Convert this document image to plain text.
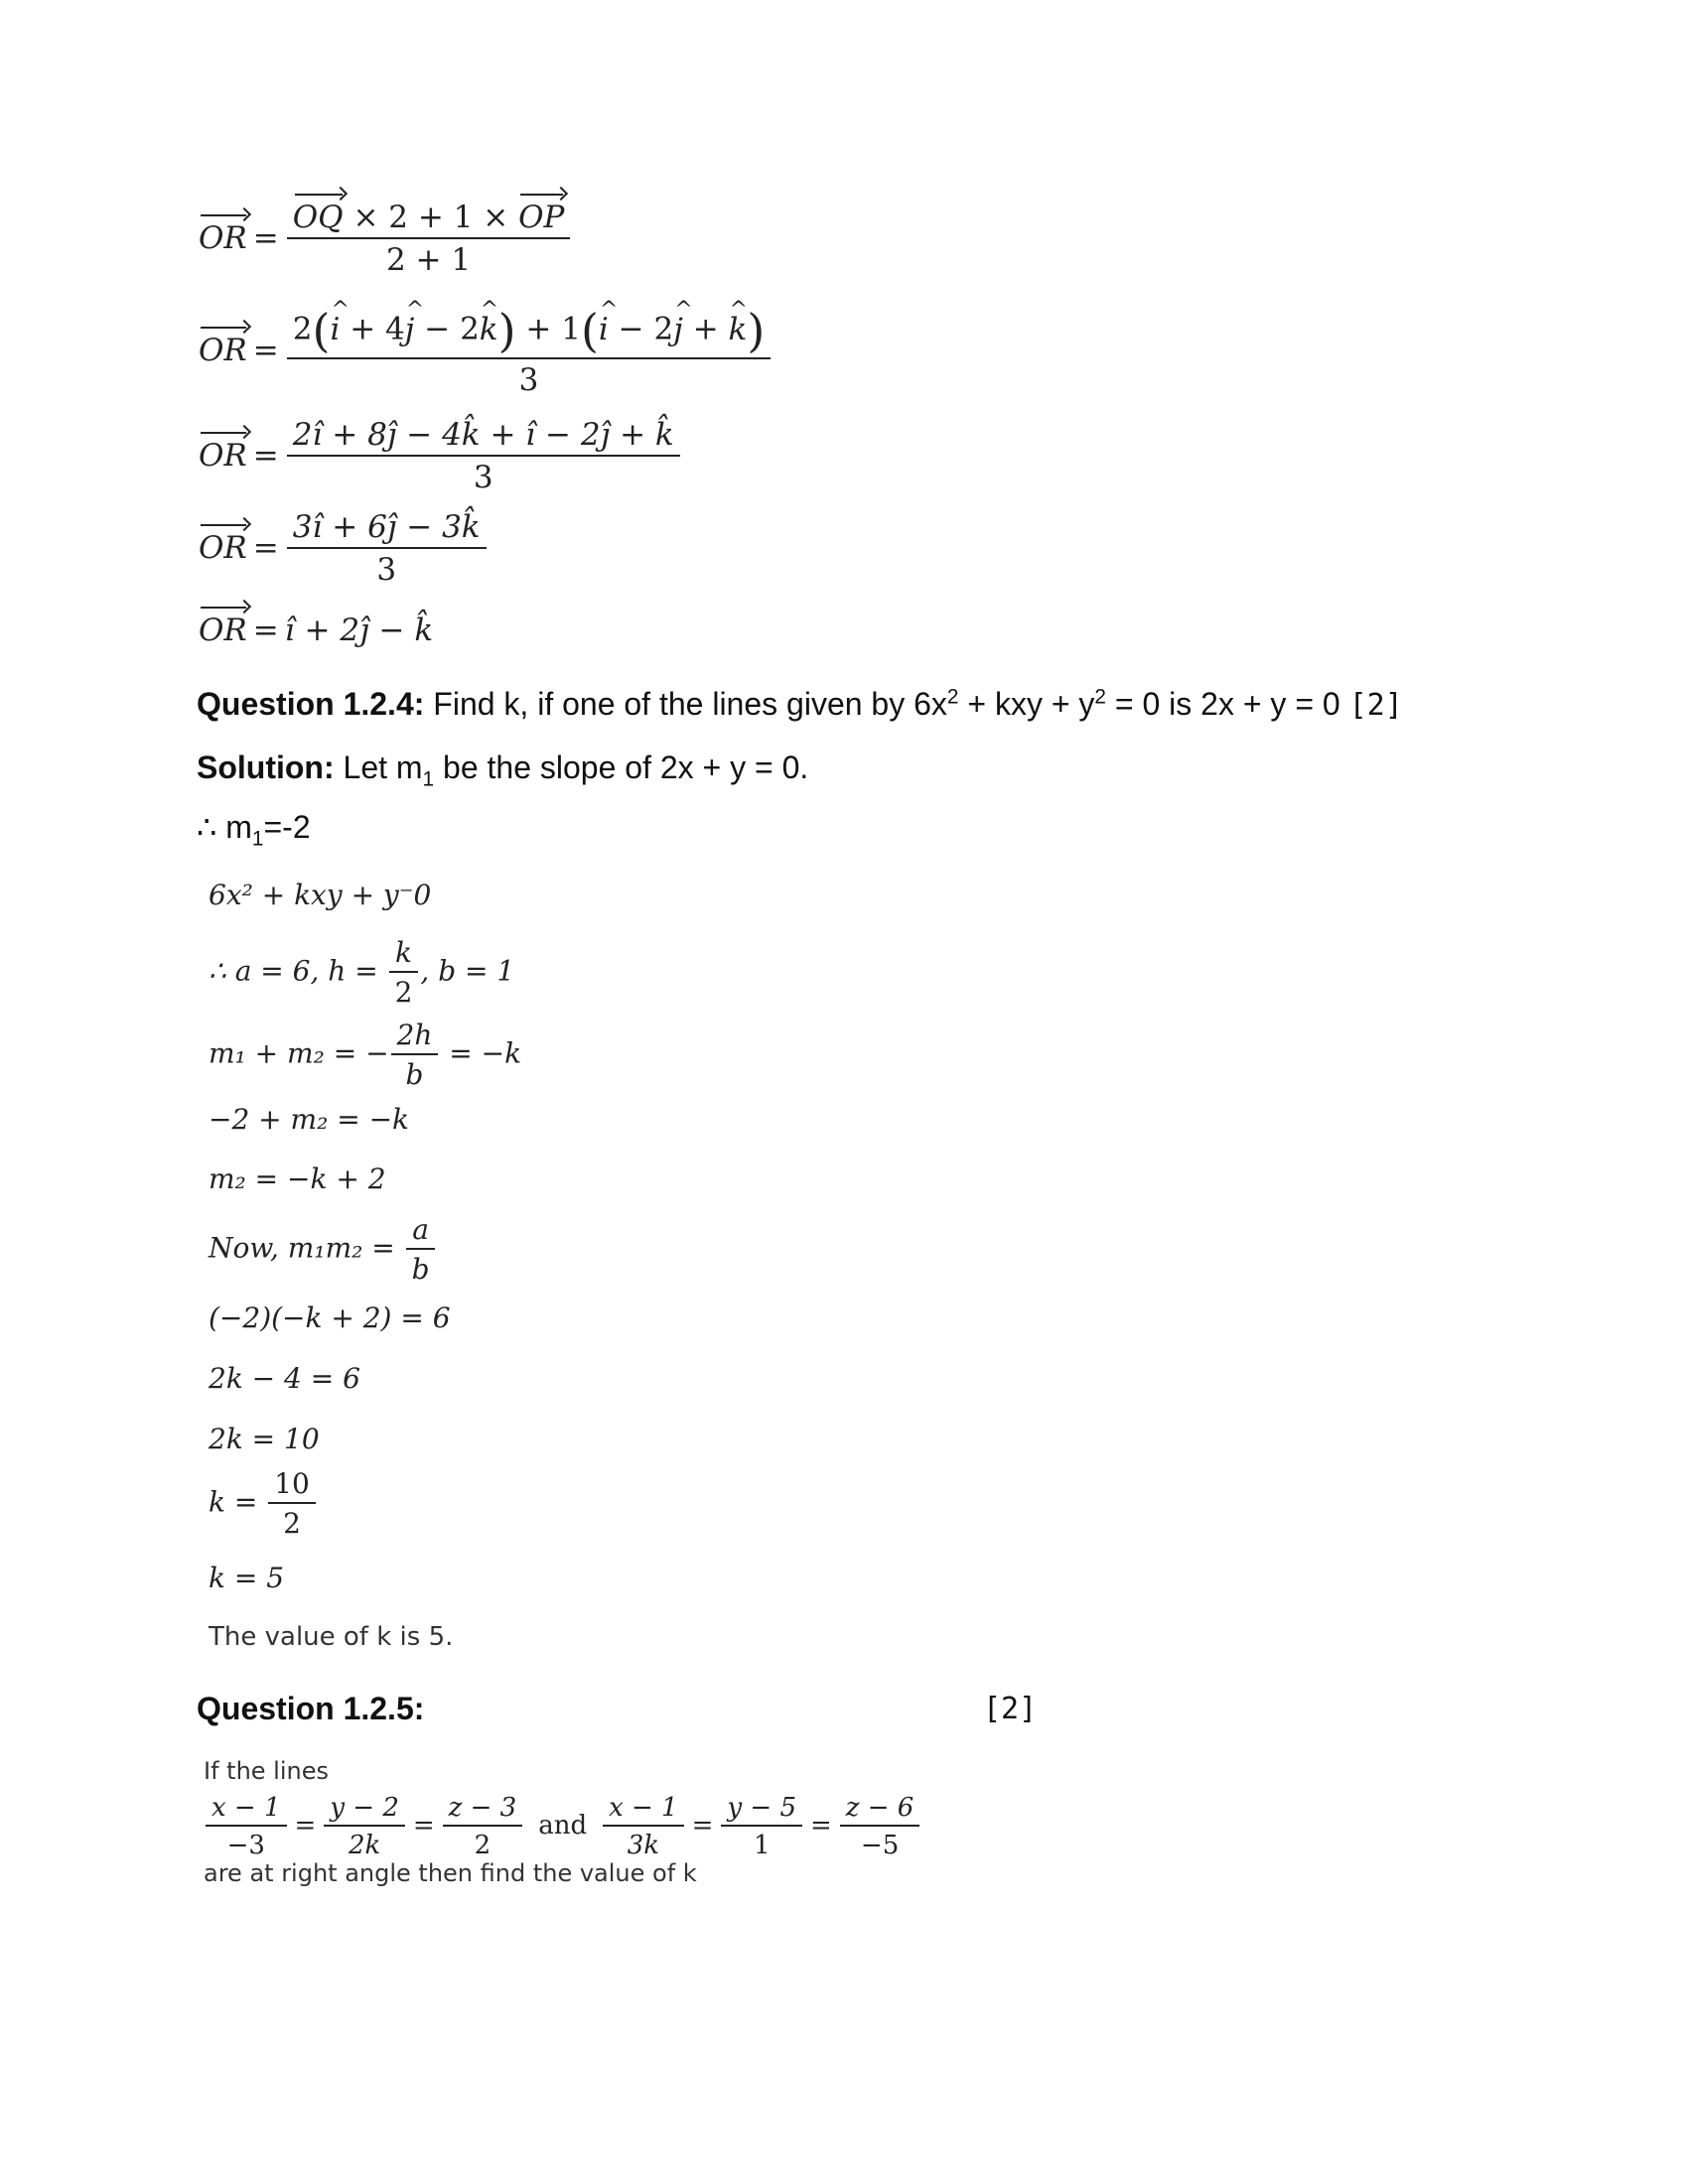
OR = $\frac{OQ \times 2 + 1 \times OP}{2 + 1}$
OR = $\frac{2(i \^{} + 4j \^{} - 2k \^{}) + 1(i \^{} - 2j \^{} + k \^{})}{3}$
OR = $\frac{2î + 8ĵ - 4k̂ + î - 2ĵ + k̂}{3}$
OR = $\frac{3î + 6ĵ - 3k̂}{3}$
OR = î + 2ĵ − k̂
Question 1.2.4: Find k, if one of the lines given by $6x^2$ + kxy + $y^2 = 0$ is 2x + y = 0 [2]
Solution: Let $m_1$ be the slope of 2x + y = 0.
∴ $m_1=-2$
6x² + kxy + y⁻0
∴ a = 6, $h = \frac{k}{2}$ , b = 1
m₁ + m₂ = − $\frac{2h}{b} = -k$
−2 + m₂ = −k
m₂ = −k + 2
Now, $m_1m_2 = \frac{a}{b}$
(−2)(−k + 2) = 6
2k − 4 = 6
2k = 10
$k = \frac{10}{2}$
k = 5
The value of k is 5.
Question 1.2.5:	[2]
If the lines
$\frac{x - 1}{-3} = \frac{y - 2}{2k} = \frac{z - 3}{2}$ and $\frac{x - 1}{3k} = \frac{y - 5}{1} = \frac{z - 6}{-5}$
are at right angle then find the value of k
